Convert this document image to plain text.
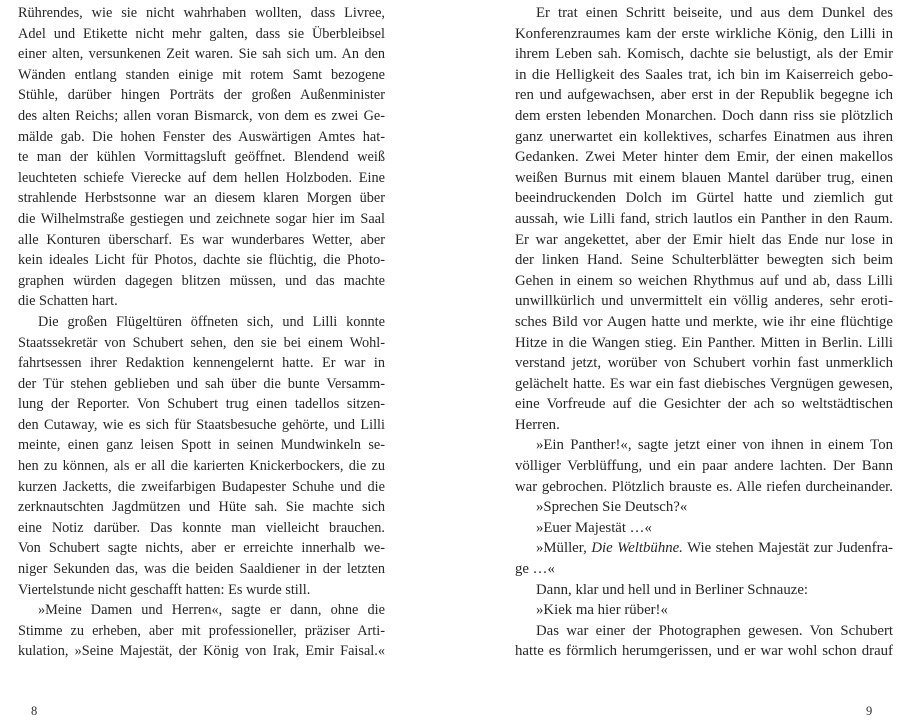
Rührendes, wie sie nicht wahrhaben wollten, dass Livree,
Adel und Etikette nicht mehr galten, dass sie Überbleibsel
einer alten, versunkenen Zeit waren. Sie sah sich um. An den
Wänden entlang standen einige mit rotem Samt bezogene
Stühle, darüber hingen Porträts der großen Außenminister
des alten Reichs; allen voran Bismarck, von dem es zwei Ge-
mälde gab. Die hohen Fenster des Auswärtigen Amtes hat-
te man der kühlen Vormittagsluft geöffnet. Blendend weiß
leuchteten schiefe Vierecke auf dem hellen Holzboden. Eine
strahlende Herbstsonne war an diesem klaren Morgen über
die Wilhelmstraße gestiegen und zeichnete sogar hier im Saal
alle Konturen überscharf. Es war wunderbares Wetter, aber
kein ideales Licht für Photos, dachte sie flüchtig, die Photo-
graphen würden dagegen blitzen müssen, und das machte
die Schatten hart.
Die großen Flügeltüren öffneten sich, und Lilli konnte
Staatssekretär von Schubert sehen, den sie bei einem Wohl-
fahrtsessen ihrer Redaktion kennengelernt hatte. Er war in
der Tür stehen geblieben und sah über die bunte Versamm-
lung der Reporter. Von Schubert trug einen tadellos sitzen-
den Cutaway, wie es sich für Staatsbesuche gehörte, und Lilli
meinte, einen ganz leisen Spott in seinen Mundwinkeln se-
hen zu können, als er all die karierten Knickerbockers, die zu
kurzen Jacketts, die zweifarbigen Budapester Schuhe und die
zerknautschten Jagdmützen und Hüte sah. Sie machte sich
eine Notiz darüber. Das konnte man vielleicht brauchen.
Von Schubert sagte nichts, aber er erreichte innerhalb we-
niger Sekunden das, was die beiden Saaldiener in der letzten
Viertelstunde nicht geschafft hatten: Es wurde still.
»Meine Damen und Herren«, sagte er dann, ohne die
Stimme zu erheben, aber mit professioneller, präziser Arti-
kulation, »Seine Majestät, der König von Irak, Emir Faisal.«
Er trat einen Schritt beiseite, und aus dem Dunkel des
Konferenzraumes kam der erste wirkliche König, den Lilli in
ihrem Leben sah. Komisch, dachte sie belustigt, als der Emir
in die Helligkeit des Saales trat, ich bin im Kaiserreich gebo-
ren und aufgewachsen, aber erst in der Republik begegne ich
dem ersten lebenden Monarchen. Doch dann riss sie plötzlich
ganz unerwartet ein kollektives, scharfes Einatmen aus ihren
Gedanken. Zwei Meter hinter dem Emir, der einen makellos
weißen Burnus mit einem blauen Mantel darüber trug, einen
beeindruckenden Dolch im Gürtel hatte und ziemlich gut
aussah, wie Lilli fand, strich lautlos ein Panther in den Raum.
Er war angekettet, aber der Emir hielt das Ende nur lose in
der linken Hand. Seine Schulterblätter bewegten sich beim
Gehen in einem so weichen Rhythmus auf und ab, dass Lilli
unwillkürlich und unvermittelt ein völlig anderes, sehr eroti-
sches Bild vor Augen hatte und merkte, wie ihr eine flüchtige
Hitze in die Wangen stieg. Ein Panther. Mitten in Berlin. Lilli
verstand jetzt, worüber von Schubert vorhin fast unmerklich
gelächelt hatte. Es war ein fast diebisches Vergnügen gewesen,
eine Vorfreude auf die Gesichter der ach so weltstädtischen
Herren.
»Ein Panther!«, sagte jetzt einer von ihnen in einem Ton
völliger Verblüffung, und ein paar andere lachten. Der Bann
war gebrochen. Plötzlich brauste es. Alle riefen durcheinander.
»Sprechen Sie Deutsch?«
»Euer Majestät …«
»Müller, Die Weltbühne. Wie stehen Majestät zur Judenfra-
ge …«
Dann, klar und hell und in Berliner Schnauze:
»Kiek ma hier rüber!«
Das war einer der Photographen gewesen. Von Schubert
hatte es förmlich herumgerissen, und er war wohl schon drauf
8	9
